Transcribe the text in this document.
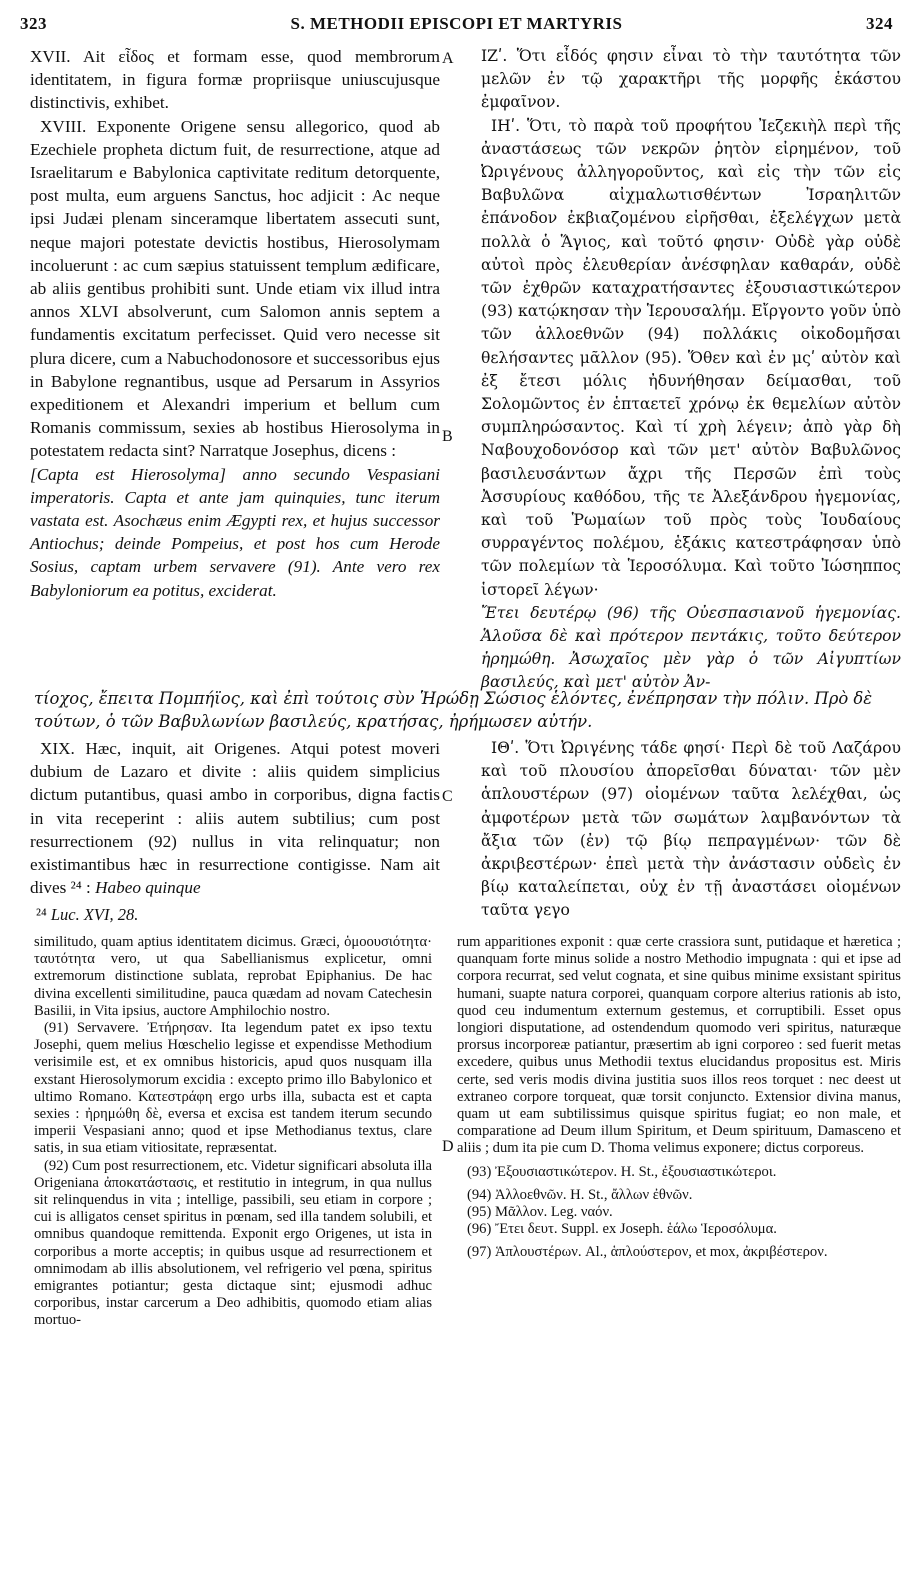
323	S. METHODII EPISCOPI ET MARTYRIS	324
A
B
C
D

XVII. Ait εἶδος et formam esse, quod membrorum identitatem, in figura formæ propriisque uniuscujusque distinctivis, exhibet.

XVIII. Exponente Origene sensu allegorico, quod ab Ezechiele propheta dictum fuit, de resurrectione, atque ad Israelitarum e Babylonica captivitate reditum detorquente, post multa, eum arguens Sanctus, hoc adjicit : Ac neque ipsi Judæi plenam sinceramque libertatem assecuti sunt, neque majori potestate devictis hostibus, Hierosolymam incoluerunt : ac cum sæpius statuissent templum ædificare, ab aliis gentibus prohibiti sunt. Unde etiam vix illud intra annos XLVI absolverunt, cum Salomon annis septem a fundamentis excitatum perfecisset. Quid vero necesse sit plura dicere, cum a Nabuchodonosore et successoribus ejus in Babylone regnantibus, usque ad Persarum in Assyrios expeditionem et Alexandri imperium et bellum cum Romanis commissum, sexies ab hostibus Hierosolyma in potestatem redacta sint? Narratque Josephus, dicens :

[Capta est Hierosolyma] anno secundo Vespasiani imperatoris. Capta et ante jam quinquies, tunc iterum vastata est. Asochæus enim Ægypti rex, et hujus successor Antiochus; deinde Pompeius, et post hos cum Herode Sosius, captam urbem servavere (91). Ante vero rex Babyloniorum ea potitus, exciderat.

ΙΖʹ. Ὅτι εἶδός φησιν εἶναι τὸ τὴν ταυτότητα τῶν μελῶν ἐν τῷ χαρακτῆρι τῆς μορφῆς ἑκάστου ἐμφαῖνον.

ΙΗʹ. Ὅτι, τὸ παρὰ τοῦ προφήτου Ἰεζεκιὴλ περὶ τῆς ἀναστάσεως τῶν νεκρῶν ῥητὸν εἰρημένον, τοῦ Ὠριγένους ἀλληγοροῦντος, καὶ εἰς τὴν τῶν εἰς Βαβυλῶνα αἰχμαλωτισθέντων Ἰσραηλιτῶν ἐπάνοδον ἐκβιαζομένου εἰρῆσθαι, ἐξελέγχων μετὰ πολλὰ ὁ Ἅγιος, καὶ τοῦτό φησιν· Οὐδὲ γὰρ οὐδὲ αὐτοὶ πρὸς ἐλευθερίαν ἀνέσφηλαν καθαράν, οὐδὲ τῶν ἐχθρῶν καταχρατήσαντες ἐξουσιαστικώτερον (93) κατῴκησαν τὴν Ἱερουσαλήμ. Εἴργοντο γοῦν ὑπὸ τῶν ἀλλοεθνῶν (94) πολλάκις οἰκοδομῆσαι θελήσαντες μᾶλλον (95). Ὅθεν καὶ ἐν μςʹ αὐτὸν καὶ ἐξ ἔτεσι μόλις ἠδυνήθησαν δείμασθαι, τοῦ Σολομῶντος ἐν ἑπταετεῖ χρόνῳ ἐκ θεμελίων αὐτὸν συμπληρώσαντος. Καὶ τί χρὴ λέγειν; ἀπὸ γὰρ δὴ Ναβουχοδονόσορ καὶ τῶν μετ' αὐτὸν Βαβυλῶνος βασιλευσάντων ἄχρι τῆς Περσῶν ἐπὶ τοὺς Ἀσσυρίους καθόδου, τῆς τε Ἀλεξάνδρου ἡγεμονίας, καὶ τοῦ Ῥωμαίων τοῦ πρὸς τοὺς Ἰουδαίους συρραγέντος πολέμου, ἑξάκις κατεστράφησαν ὑπὸ τῶν πολεμίων τὰ Ἱεροσόλυμα. Καὶ τοῦτο Ἰώσηππος ἱστορεῖ λέγων·

Ἔτει δευτέρῳ (96) τῆς Οὐεσπασιανοῦ ἡγεμονίας. Ἁλοῦσα δὲ καὶ πρότερον πεντάκις, τοῦτο δεύτερον ἠρημώθη. Ἀσωχαῖος μὲν γὰρ ὁ τῶν Αἰγυπτίων βασιλεύς, καὶ μετ' αὐτὸν Ἀν-

τίοχος, ἔπειτα Πομπήϊος, καὶ ἐπὶ τούτοις σὺν Ἡρώδῃ Σώσιος ἑλόντες, ἐνέπρησαν τὴν πόλιν. Πρὸ δὲ

τούτων, ὁ τῶν Βαβυλωνίων βασιλεύς, κρατήσας, ἠρήμωσεν αὐτήν.

XIX. Hæc, inquit, ait Origenes. Atqui potest moveri dubium de Lazaro et divite : aliis quidem simplicius dictum putantibus, quasi ambo in corporibus, digna factis in vita receperint : aliis autem subtilius; cum post resurrectionem (92) nullus in vita relinquatur; non existimantibus hæc in resurrectione contigisse. Nam ait dives ²⁴ : Habeo quinque

ΙΘʹ. Ὅτι Ὠριγένης τάδε φησί· Περὶ δὲ τοῦ Λαζάρου καὶ τοῦ πλουσίου ἀπορεῖσθαι δύναται· τῶν μὲν ἁπλουστέρων (97) οἰομένων ταῦτα λελέχθαι, ὡς ἀμφοτέρων μετὰ τῶν σωμάτων λαμβανόντων τὰ ἄξια τῶν (ἐν) τῷ βίῳ πεπραγμένων· τῶν δὲ ἀκριβεστέρων· ἐπεὶ μετὰ τὴν ἀνάστασιν οὐδεὶς ἐν βίῳ καταλείπεται, οὐχ ἐν τῇ ἀναστάσει οἰομένων ταῦτα γεγο

²⁴ Luc. XVI, 28.

similitudo, quam aptius identitatem dicimus. Græci, ὁμοουσιότητα· ταυτότητα vero, ut qua Sabellianismus explicetur, omni extremorum distinctione sublata, reprobat Epiphanius. De hac divina excellenti similitudine, pauca quædam ad novam Catechesin Basilii, in Vita ipsius, auctore Amphilochio nostro.

(91) Servavere. Ἐτήρησαν. Ita legendum patet ex ipso textu Josephi, quem melius Hœschelio legisse et expendisse Methodium verisimile est, et ex omnibus historicis, apud quos nusquam illa exstant Hierosolymorum excidia : excepto primo illo Babylonico et ultimo Romano. Κατεστράφη ergo urbs illa, subacta est et capta sexies : ἠρημώθη δὲ, eversa et excisa est tandem iterum secundo imperii Vespasiani anno; quod et ipse Methodianus textus, clare satis, in sua etiam vitiositate, repræsentat.

(92) Cum post resurrectionem, etc. Videtur significari absoluta illa Origeniana ἀποκατάστασις, et restitutio in integrum, in qua nullus sit relinquendus in vita ; intellige, passibili, seu etiam in corpore ; cui is alligatos censet spiritus in pœnam, sed illa tandem solubili, et omnibus quandoque remittenda. Exponit ergo Origenes, ut ista in corporibus a morte acceptis; in quibus usque ad resurrectionem et omnimodam ab illis absolutionem, vel refrigerio vel pœna, spiritus emigrantes potiantur; gesta dictaque sint; ejusmodi adhuc corporibus, instar carcerum a Deo adhibitis, quomodo etiam alias mortuo-

rum apparitiones exponit : quæ certe crassiora sunt, putidaque et hæretica ; quanquam forte minus solide a nostro Methodio impugnata : qui et ipse ad corpora recurrat, sed velut cognata, et sine quibus minime exsistant spiritus humani, suapte natura corporei, quanquam corpore alterius rationis ab isto, quod ceu indumentum externum gestemus, et corruptibili. Esset opus longiori disputatione, ad ostendendum quomodo veri spiritus, naturæque prorsus incorporeæ patiantur, præsertim ab igni corporeo : sed fuerit metas excedere, quibus unus Methodii textus elucidandus propositus est. Miris certe, sed veris modis divina justitia suos illos reos torquet : nec deest ut extraneo corpore torqueat, quæ torsit conjuncto. Extensior divina manus, quam ut eam subtilissimus quisque spiritus fugiat; eo non male, et comparatione ad Deum illum Spiritum, et Deum spirituum, Damasceno et aliis ; dum ita pie cum D. Thoma velimus exponere; dictus corporeus.

(93) Ἐξουσιαστικώτερον. H. St., ἐξουσιαστικώτεροι.

(94) Ἀλλοεθνῶν. H. St., ἄλλων ἐθνῶν.

(95) Μᾶλλον. Leg. ναόν.

(96) Ἔτει δευτ. Suppl. ex Joseph. ἑάλω Ἱεροσόλυμα.

(97) Ἁπλουστέρων. Al., ἁπλούστερον, et mox, ἀκριβέστερον.
